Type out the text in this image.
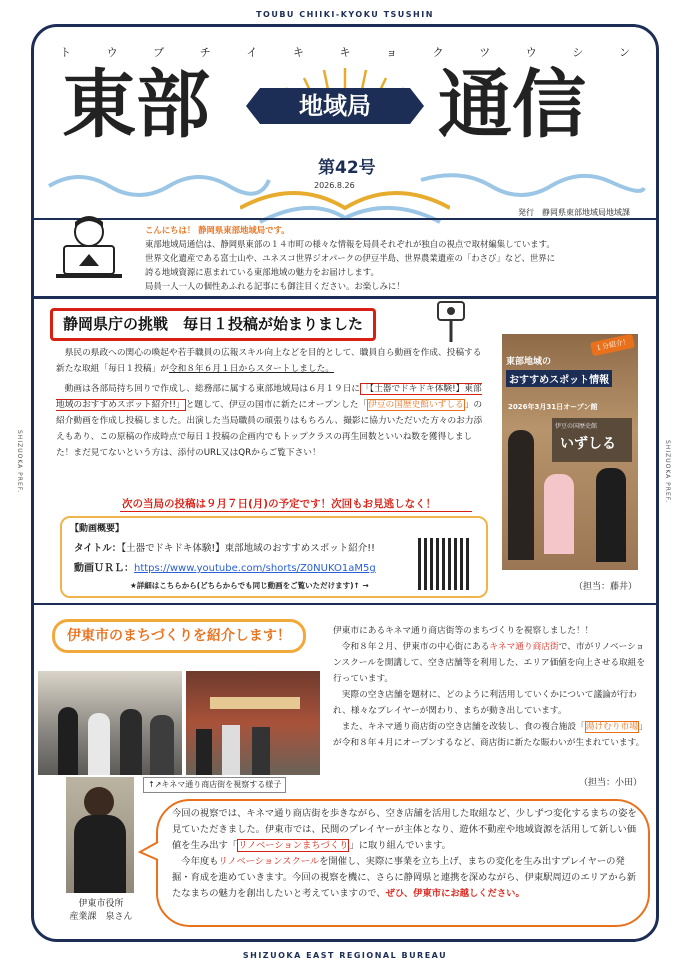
TOUBU CHIIKI-KYOKU TSUSHIN
SHIZUOKA EAST REGIONAL BUREAU
SHIZUOKA PREF.	SHIZUOKA PREF.
ト	ウ	ブ	チ	イ	キ	キ	ョ	ク	ツ	ウ	シ	ン
東部	地域局 通信
第42号
2026.8.26
発行　静岡県東部地域局地域課

こんにちは！ 静岡県東部地域局です。

東部地域局通信は、静岡県東部の１４市町の様々な情報を局員それぞれが独自の視点で取材編集しています。

世界文化遺産である富士山や、ユネスコ世界ジオパークの伊豆半島、世界農業遺産の「わさび」など、世界に

誇る地域資源に恵まれている東部地域の魅力をお届けします。

局員一人一人の個性あふれる記事にも御注目ください。お楽しみに！

静岡県庁の挑戦　毎日１投稿が始まりました
　県民の県政への関心の喚起や若手職員の広報スキル向上などを目的として、職員自ら動画を作成、投稿する新たな取組「毎日１投稿」が令和８年６月１日からスタートしました。
　動画は各部局持ち回りで作成し、総務部に属する東部地域局は６月１９日に「【土器でドキドキ体験!】東部地域のおすすめスポット紹介!!」と題して、伊豆の国市に新たにオープンした「伊豆の国歴史館いずしる」の紹介動画を作成し投稿しました。出演した当局職員の頑張りはもちろん、撮影に協力いただいた方々のお力添えもあり、この原稿の作成時点で毎日１投稿の企画内でもトップクラスの再生回数といいね数を獲得しました！まだ見てないという方は、添付のURL又はQRからご覧下さい！
次の当局の投稿は９月７日(月)の予定です！次回もお見逃しなく！
【動画概要】
タイトル：【土器でドキドキ体験!】東部地域のおすすめスポット紹介!!
動画ＵＲＬ：https://www.youtube.com/shorts/Z0NUKO1aM5g
★詳細はこちらから(どちらからでも同じ動画をご覧いただけます)↑ →
１分紹介！
東部地域の
おすすめスポット情報
2026年3月31日オープン館
伊豆の国歴史館
いずしる
（担当：藤井）
伊東市のまちづくりを紹介します！	伊東市にあるキネマ通り商店街等のまちづくりを視察しました！！
　令和８年２月、伊東市の中心街にあるキネマ通り商店街で、市がリノベーションスクールを開講して、空き店舗等を利用した、エリア価値を向上させる取組を行っています。
　実際の空き店舗を題材に、どのように利活用していくかについて議論が行われ、様々なプレイヤーが関わり、まちが動き出しています。
　また、キネマ通り商店街の空き店舗を改装し、食の複合施設「湯けむり市場」が令和８年４月にオープンするなど、商店街に新たな賑わいが生まれています。
（担当：小田）
↑↗キネマ通り商店街を視察する様子
伊東市役所
産業課　泉さん
今回の視察では、キネマ通り商店街を歩きながら、空き店舗を活用した取組など、少しずつ変化するまちの姿を見ていただきました。伊東市では、民間のプレイヤーが主体となり、遊休不動産や地域資源を活用して新しい価値を生み出す「リノベーションまちづくり」に取り組んでいます。
　今年度もリノベーションスクールを開催し、実際に事業を立ち上げ、まちの変化を生み出すプレイヤーの発掘・育成を進めていきます。今回の視察を機に、さらに静岡県と連携を深めながら、伊東駅周辺のエリアから新たなまちの魅力を創出したいと考えていますので、ぜひ、伊東市にお越しください。
